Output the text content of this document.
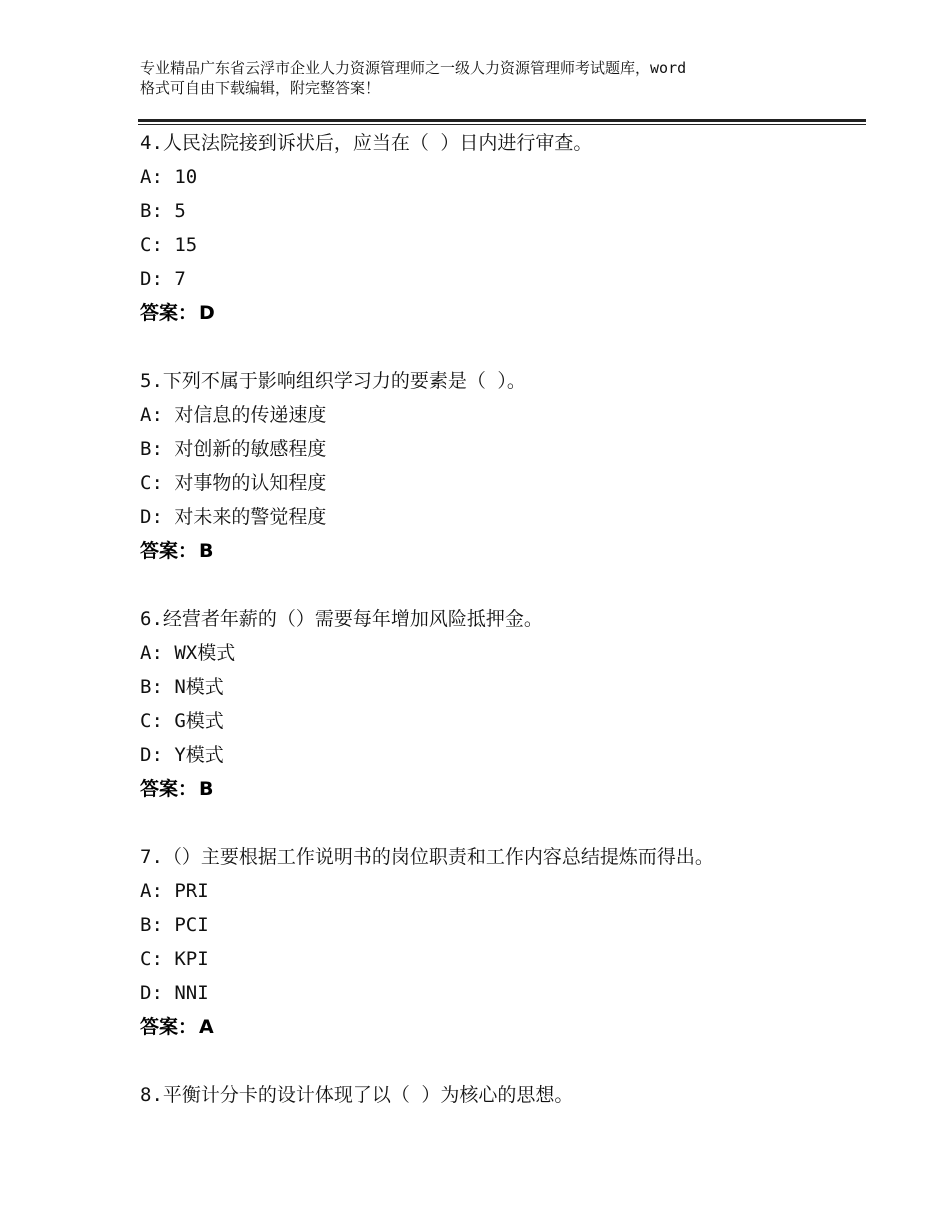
专业精品广东省云浮市企业人力资源管理师之一级人力资源管理师考试题库，word
格式可自由下载编辑，附完整答案！
4.人民法院接到诉状后，应当在（ ）日内进行审查。
A: 10
B: 5
C: 15
D: 7
答案： D
5.下列不属于影响组织学习力的要素是（ ）。
A: 对信息的传递速度
B: 对创新的敏感程度
C: 对事物的认知程度
D: 对未来的警觉程度
答案： B
6.经营者年薪的（）需要每年增加风险抵押金。
A: WX模式
B: N模式
C: G模式
D: Y模式
答案： B
7.（）主要根据工作说明书的岗位职责和工作内容总结提炼而得出。
A: PRI
B: PCI
C: KPI
D: NNI
答案： A
8.平衡计分卡的设计体现了以（ ）为核心的思想。
